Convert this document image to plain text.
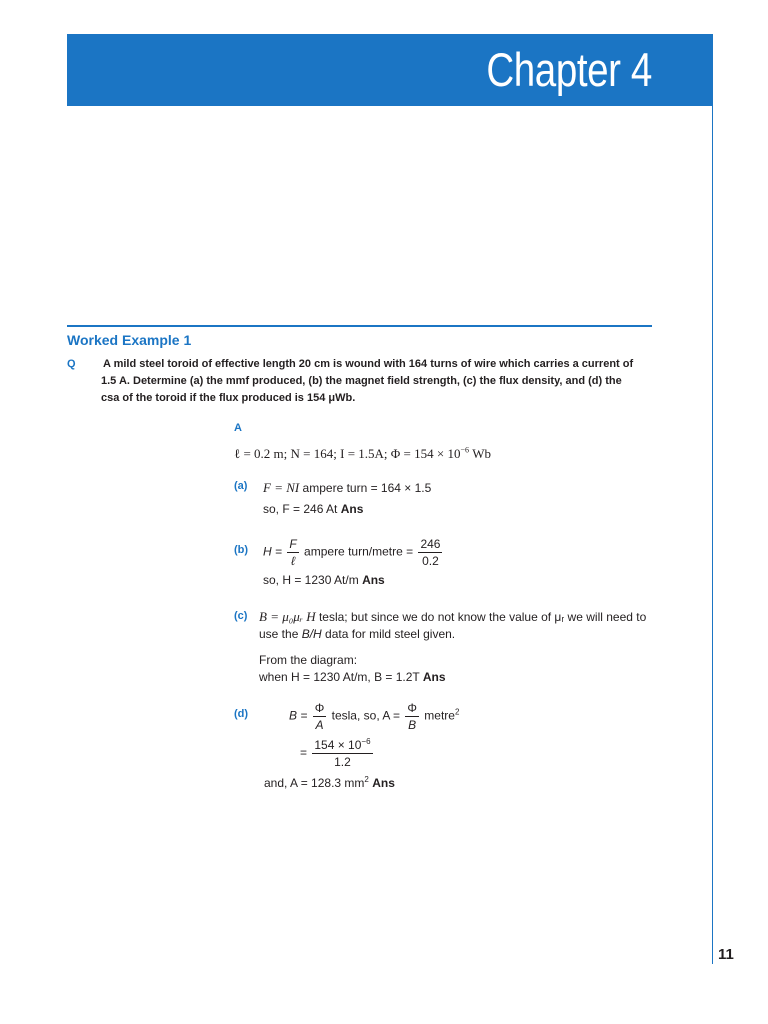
Chapter 4
11
Worked Example 1
Q A mild steel toroid of effective length 20 cm is wound with 164 turns of wire which carries a current of
1.5 A. Determine (a) the mmf produced, (b) the magnet field strength, (c) the flux density, and (d) the
csa of the toroid if the flux produced is 154 μWb.
A
ℓ = 0.2 m; N = 164; I = 1.5A; $\Phi = 154 \times 10^{-6}$ Wb
(a) F = NI ampere turn = 164 × 1.5
so, F = 246 At Ans
(b) $H = \frac{F}{\text{ℓ}}$ ampere turn/metre = $\frac{246}{0.2}$
so, H = 1230 At/m Ans
(c) B = μ₀μᵣ H tesla; but since we do not know the value of μᵣ we will need to
use the B/H data for mild steel given.
From the diagram:
when H = 1230 At/m, B = 1.2T Ans
(d)	$B = \frac{\Phi}{A}$ tesla, so, $A = \frac{\Phi}{B}$ metre$^2$
= $\frac{154 \times 10^{-6}}{1.2}$
and, A = 128.3 $mm^2$ Ans
